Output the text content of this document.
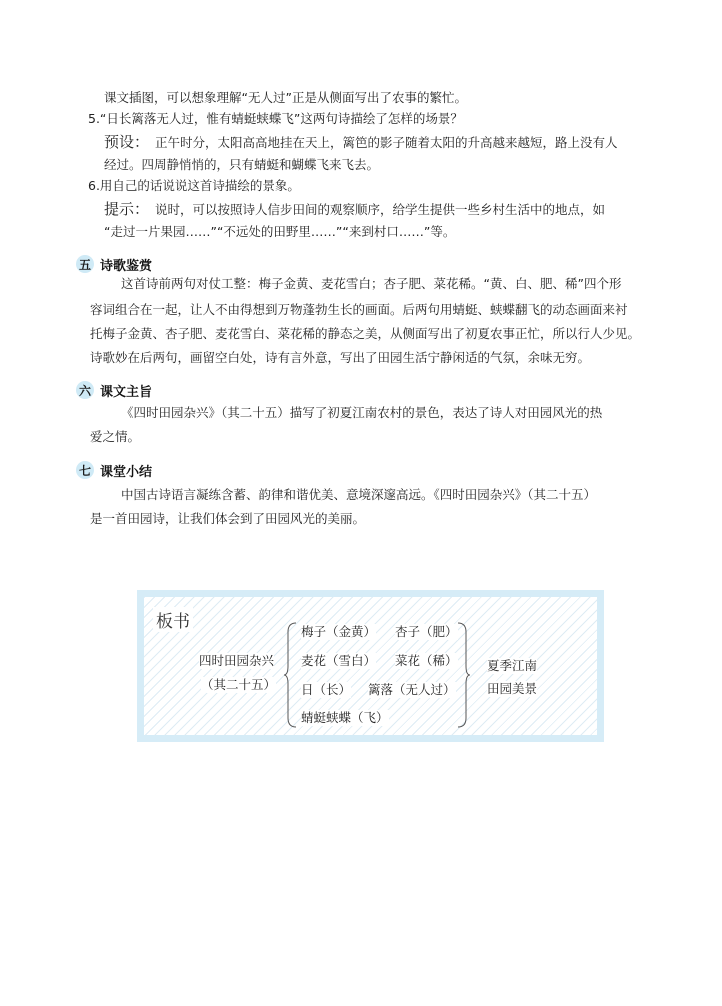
课文插图，可以想象理解“无人过”正是从侧面写出了农事的繁忙。
5.“日长篱落无人过，惟有蜻蜓蛱蝶飞”这两句诗描绘了怎样的场景？
预设： 正午时分，太阳高高地挂在天上，篱笆的影子随着太阳的升高越来越短，路上没有人
经过。四周静悄悄的，只有蜻蜓和蝴蝶飞来飞去。
6.用自己的话说说这首诗描绘的景象。
提示： 说时，可以按照诗人信步田间的观察顺序，给学生提供一些乡村生活中的地点，如
“走过一片果园……”“不远处的田野里……”“来到村口……”等。
五 诗歌鉴赏
这首诗前两句对仗工整：梅子金黄、麦花雪白；杏子肥、菜花稀。“黄、白、肥、稀”四个形
容词组合在一起，让人不由得想到万物蓬勃生长的画面。后两句用蜻蜓、蛱蝶翻飞的动态画面来衬
托梅子金黄、杏子肥、麦花雪白、菜花稀的静态之美，从侧面写出了初夏农事正忙，所以行人少见。
诗歌妙在后两句，画留空白处，诗有言外意，写出了田园生活宁静闲适的气氛，余味无穷。
六 课文主旨
《四时田园杂兴》（其二十五）描写了初夏江南农村的景色，表达了诗人对田园风光的热
爱之情。
七 课堂小结
中国古诗语言凝练含蓄、韵律和谐优美、意境深邃高远。《四时田园杂兴》（其二十五）
是一首田园诗，让我们体会到了田园风光的美丽。
板书
四时田园杂兴
（其二十五）
梅子（金黄） 杏子（肥）
麦花（雪白） 菜花（稀）
日（长） 篱落（无人过）
蜻蜓蛱蝶（飞）
夏季江南
田园美景
